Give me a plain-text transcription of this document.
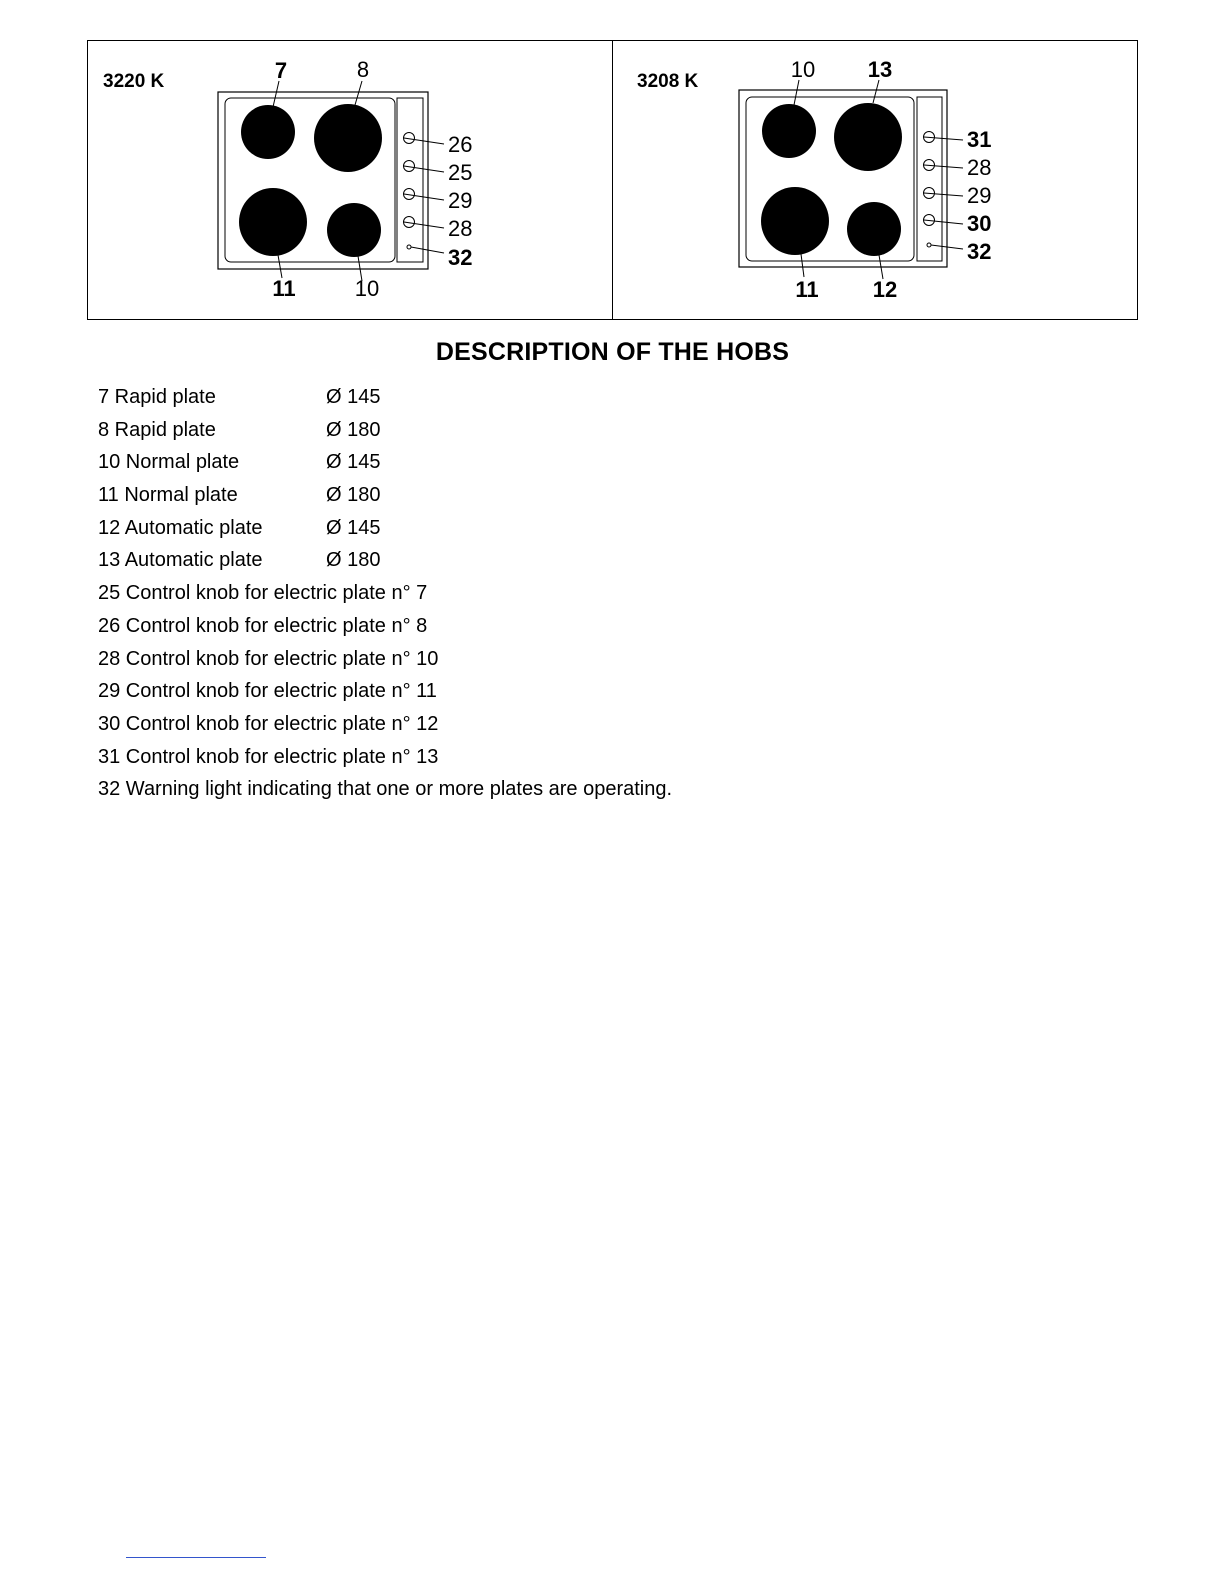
3220 K	7	8
11	10
26
25
29
28
32
3208 K	10 13
11 12
31
28
29
30
32
DESCRIPTION OF THE HOBS
7 Rapid plate	Ø 145
8 Rapid plate	Ø 180
10 Normal plate	Ø 145
11 Normal plate	Ø 180
12 Automatic plate	Ø 145
13 Automatic plate	Ø 180
25 Control knob for electric plate n° 7
26 Control knob for electric plate n° 8
28 Control knob for electric plate n° 10
29 Control knob for electric plate n° 11
30 Control knob for electric plate n° 12
31 Control knob for electric plate n° 13
32 Warning light indicating that one or more plates are operating.
